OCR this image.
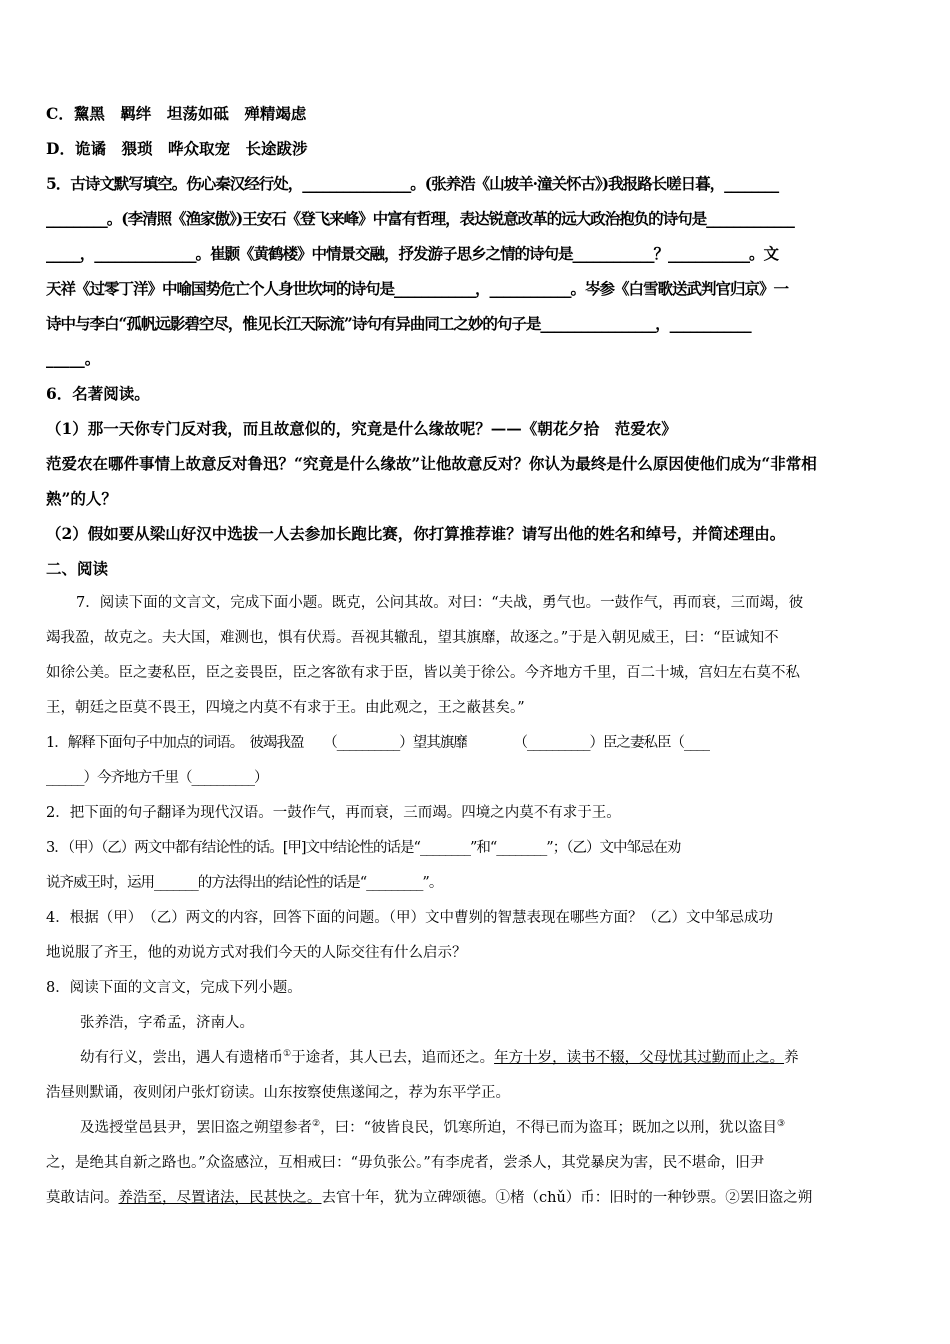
C．黧黑　羁绊　坦荡如砥　殚精竭虑
D．诡谲　猥琐　哗众取宠　长途跋涉
5．古诗文默写填空。伤心秦汉经行处，________________。(张养浩《山坡羊·潼关怀古》)我报路长嗟日暮，________
_________。(李清照《渔家傲》)王安石《登飞来峰》中富有哲理，表达锐意改革的远大政治抱负的诗句是_____________
_____，_______________。崔颢《黄鹤楼》中情景交融，抒发游子思乡之情的诗句是____________？____________。文
天祥《过零丁洋》中喻国势危亡个人身世坎坷的诗句是____________，____________。岑参《白雪歌送武判官归京》一
诗中与李白“孤帆远影碧空尽，惟见长江天际流”诗句有异曲同工之妙的句子是_________________，____________
_____。
6．名著阅读。
（1）那一天你专门反对我，而且故意似的，究竟是什么缘故呢？——《朝花夕拾　范爱农》
范爱农在哪件事情上故意反对鲁迅？“究竟是什么缘故”让他故意反对？你认为最终是什么原因使他们成为“非常相
熟”的人？
（2）假如要从梁山好汉中选拔一人去参加长跑比赛，你打算推荐谁？请写出他的姓名和绰号，并简述理由。
二、阅读
7．阅读下面的文言文，完成下面小题。既克，公问其故。对曰：“夫战，勇气也。一鼓作气，再而衰，三而竭，彼
竭我盈，故克之。夫大国，难测也，惧有伏焉。吾视其辙乱，望其旗靡，故逐之。”于是入朝见威王，曰：“臣诚知不
如徐公美。臣之妻私臣，臣之妾畏臣，臣之客欲有求于臣，皆以美于徐公。今齐地方千里，百二十城，宫妇左右莫不私
王，朝廷之臣莫不畏王，四境之内莫不有求于王。由此观之，王之蔽甚矣。”
1．解释下面句子中加点的词语。　彼竭我盈　　（__________）望其旗靡　　　　（__________）臣之妻私臣（____
______）今齐地方千里（__________）
2．把下面的句子翻译为现代汉语。一鼓作气，再而衰，三而竭。四境之内莫不有求于王。
3．（甲）（乙）两文中都有结论性的话。[甲]文中结论性的话是“________”和“________”；（乙）文中邹忌在劝
说齐威王时，运用_______的方法得出的结论性的话是“_________”。
4．根据（甲）　（乙）两文的内容，回答下面的问题。（甲）文中曹刿的智慧表现在哪些方面？（乙）文中邹忌成功
地说服了齐王，他的劝说方式对我们今天的人际交往有什么启示？
8．阅读下面的文言文，完成下列小题。
张养浩，字希孟，济南人。
幼有行义，尝出，遇人有遗楮币①于途者，其人已去，追而还之。年方十岁，读书不辍，父母忧其过勤而止之。养
浩昼则默诵，夜则闭户张灯窃读。山东按察使焦遂闻之，荐为东平学正。
及选授堂邑县尹，罢旧盗之朔望参者②，曰：“彼皆良民，饥寒所迫，不得已而为盗耳；既加之以刑，犹以盗目③
之，是绝其自新之路也。”众盗感泣，互相戒曰：“毋负张公。”有李虎者，尝杀人，其党暴戾为害，民不堪命，旧尹
莫敢诘问。养浩至，尽置诸法，民甚快之。去官十年，犹为立碑颂德。①楮（chǔ）币：旧时的一种钞票。②罢旧盗之朔
